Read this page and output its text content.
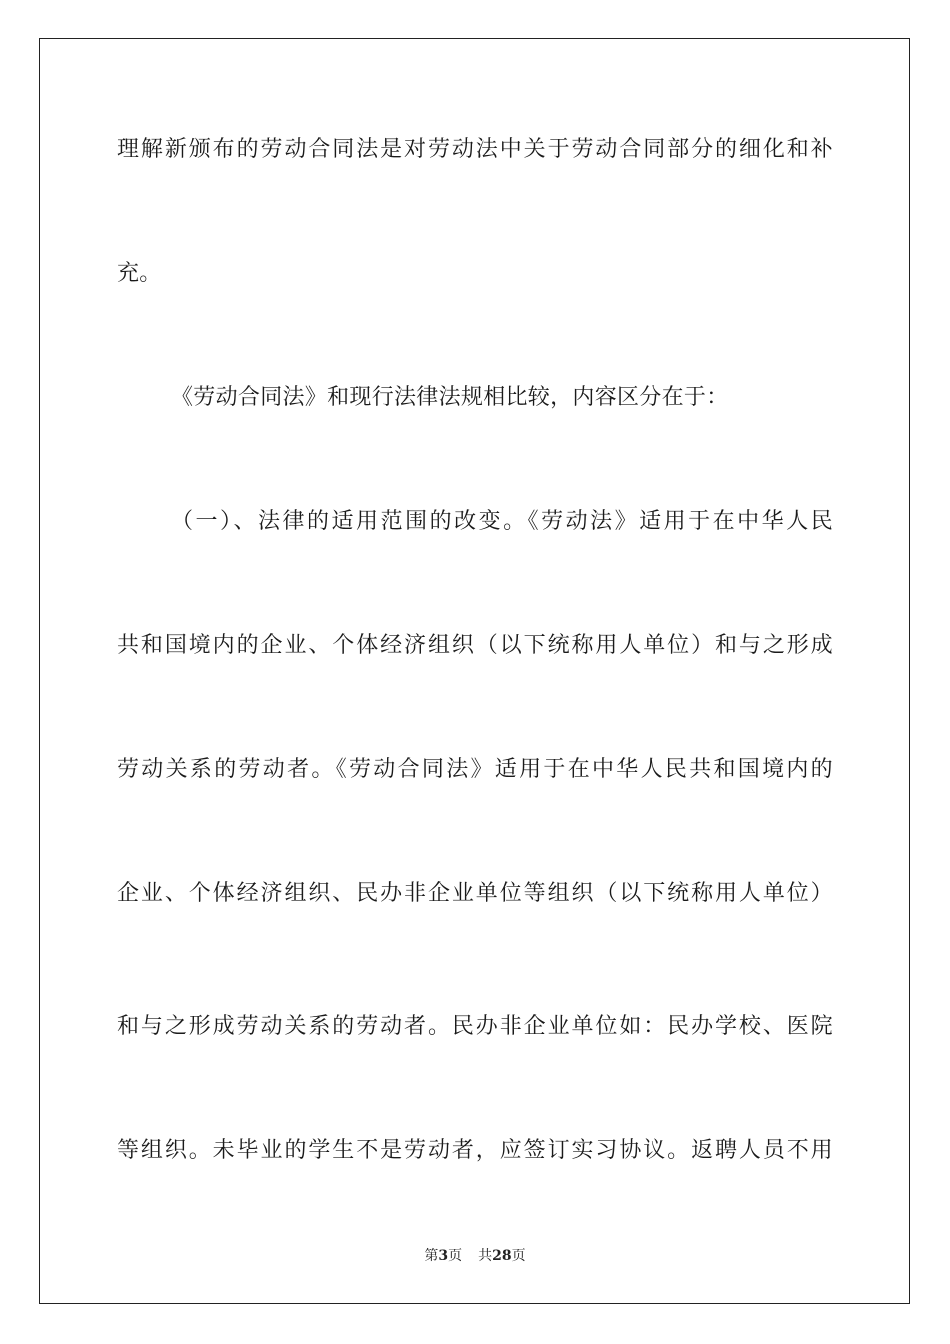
理解新颁布的劳动合同法是对劳动法中关于劳动合同部分的细化和补
充。
《劳动合同法》和现行法律法规相比较，内容区分在于：
（一）、法律的适用范围的改变。《劳动法》适用于在中华人民
共和国境内的企业、个体经济组织（以下统称用人单位）和与之形成
劳动关系的劳动者。《劳动合同法》适用于在中华人民共和国境内的
企业、个体经济组织、民办非企业单位等组织（以下统称用人单位）
和与之形成劳动关系的劳动者。民办非企业单位如：民办学校、医院
等组织。未毕业的学生不是劳动者，应签订实习协议。返聘人员不用
第3页 共28页
